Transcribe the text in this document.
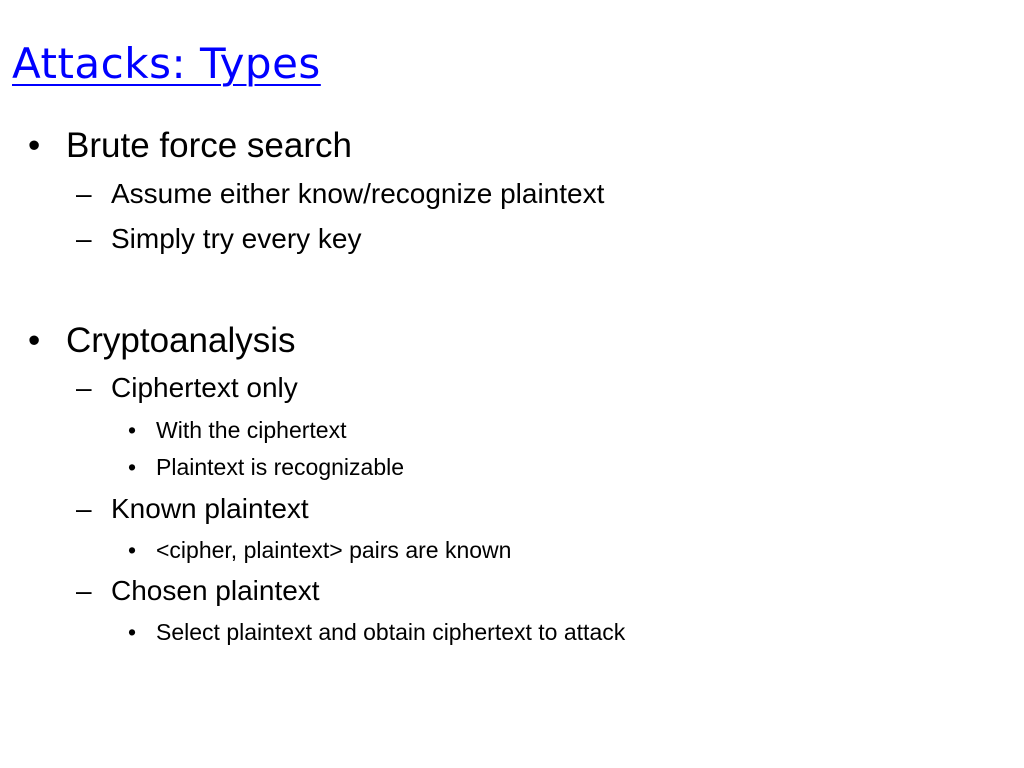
Attacks: Types
• Brute force search
– Assume either know/recognize plaintext
– Simply try every key
• Cryptoanalysis
– Ciphertext only
• With the ciphertext
• Plaintext is recognizable
– Known plaintext
• <cipher, plaintext> pairs are known
– Chosen plaintext
• Select plaintext and obtain ciphertext to attack
